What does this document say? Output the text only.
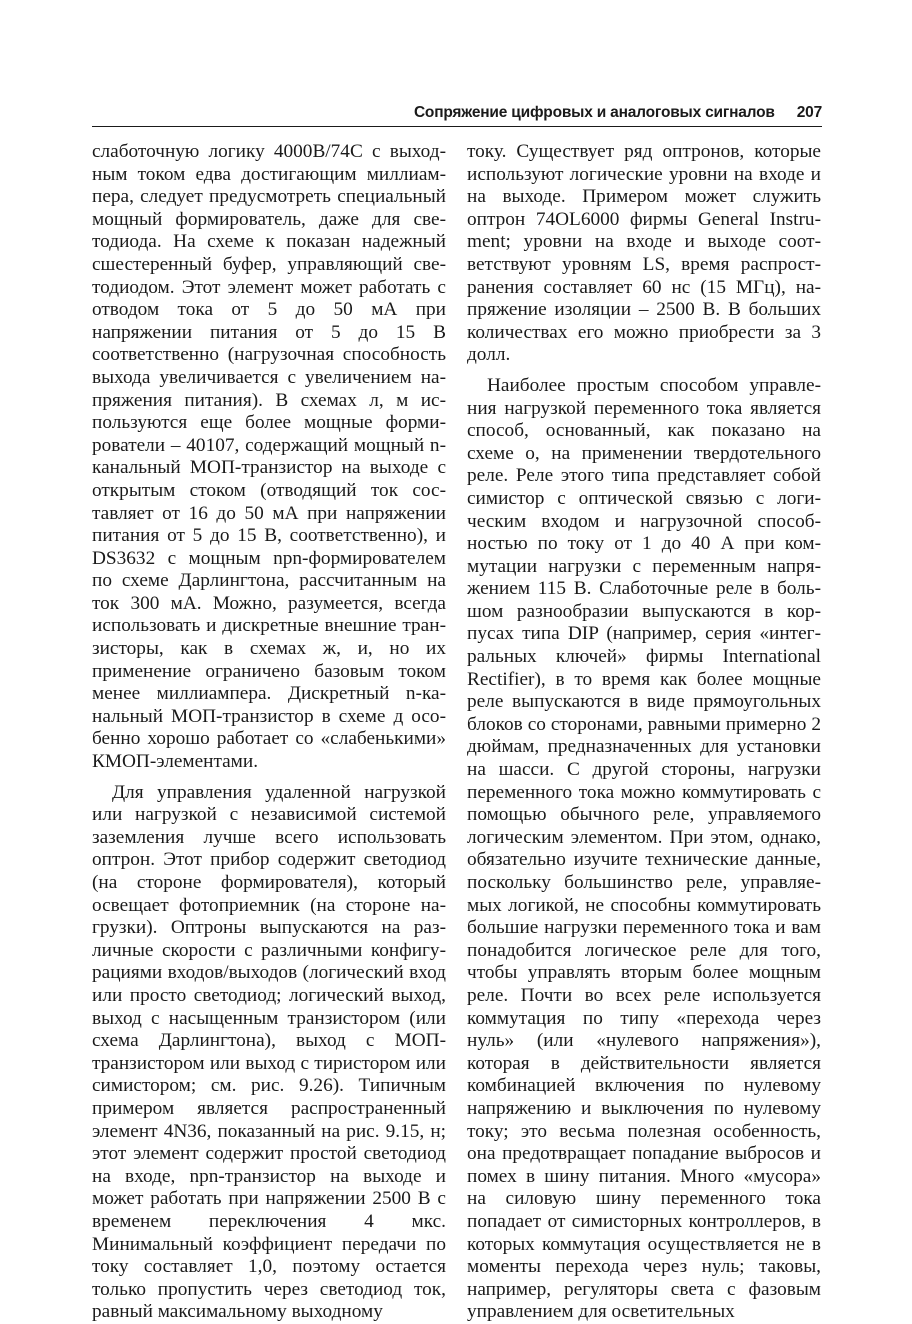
Сопряжение цифровых и аналоговых сигналов 207

слаботочную логику 4000В/74С с выходным током едва достигающим миллиампера, следует предусмотреть специальный мощный формирователь, даже для светодиода. На схеме к показан надежный сшестеренный буфер, управляющий светодиодом. Этот элемент может работать с отводом тока от 5 до 50 мА при напряжении питания от 5 до 15 В соответственно (нагрузочная способность выхода увеличивается с увеличением напряжения питания). В схемах л, м используются еще более мощные формирователи – 40107, содержащий мощный n-канальный МОП-транзистор на выходе с открытым стоком (отводящий ток составляет от 16 до 50 мА при напряжении питания от 5 до 15 В, соответственно), и DS3632 с мощным npn-формирователем по схеме Дарлингтона, рассчитанным на ток 300 мА. Можно, разумеется, всегда использовать и дискретные внешние транзисторы, как в схемах ж, и, но их применение ограничено базовым током менее миллиампера. Дискретный n-канальный МОП-транзистор в схеме д особенно хорошо работает со «слабенькими» КМОП-элементами.

Для управления удаленной нагрузкой или нагрузкой с независимой системой заземления лучше всего использовать оптрон. Этот прибор содержит светодиод (на стороне формирователя), который освещает фотоприемник (на стороне нагрузки). Оптроны выпускаются на различные скорости с различными конфигурациями входов/выходов (логический вход или просто светодиод; логический выход, выход с насыщенным транзистором (или схема Дарлингтона), выход с МОП-транзистором или выход с тиристором или симистором; см. рис. 9.26). Типичным примером является распространенный элемент 4N36, показанный на рис. 9.15, н; этот элемент содержит простой светодиод на входе, npn-транзистор на выходе и может работать при напряжении 2500 В с временем переключения 4 мкс. Минимальный коэффициент передачи по току составляет 1,0, поэтому остается только пропустить через светодиод ток, равный максимальному выходному

току. Существует ряд оптронов, которые используют логические уровни на входе и на выходе. Примером может служить оптрон 74OL6000 фирмы General Instrument; уровни на входе и выходе соответствуют уровням LS, время распространения составляет 60 нс (15 МГц), напряжение изоляции – 2500 В. В больших количествах его можно приобрести за 3 долл.

Наиболее простым способом управления нагрузкой переменного тока является способ, основанный, как показано на схеме о, на применении твердотельного реле. Реле этого типа представляет собой симистор с оптической связью с логическим входом и нагрузочной способностью по току от 1 до 40 А при коммутации нагрузки с переменным напряжением 115 В. Слаботочные реле в большом разнообразии выпускаются в корпусах типа DIP (например, серия «интегральных ключей» фирмы International Rectifier), в то время как более мощные реле выпускаются в виде прямоугольных блоков со сторонами, равными примерно 2 дюймам, предназначенных для установки на шасси. С другой стороны, нагрузки переменного тока можно коммутировать с помощью обычного реле, управляемого логическим элементом. При этом, однако, обязательно изучите технические данные, поскольку большинство реле, управляемых логикой, не способны коммутировать большие нагрузки переменного тока и вам понадобится логическое реле для того, чтобы управлять вторым более мощным реле. Почти во всех реле используется коммутация по типу «перехода через нуль» (или «нулевого напряжения»), которая в действительности является комбинацией включения по нулевому напряжению и выключения по нулевому току; это весьма полезная особенность, она предотвращает попадание выбросов и помех в шину питания. Много «мусора» на силовую шину переменного тока попадает от симисторных контроллеров, в которых коммутация осуществляется не в моменты перехода через нуль; таковы, например, регуляторы света с фазовым управлением для осветительных
